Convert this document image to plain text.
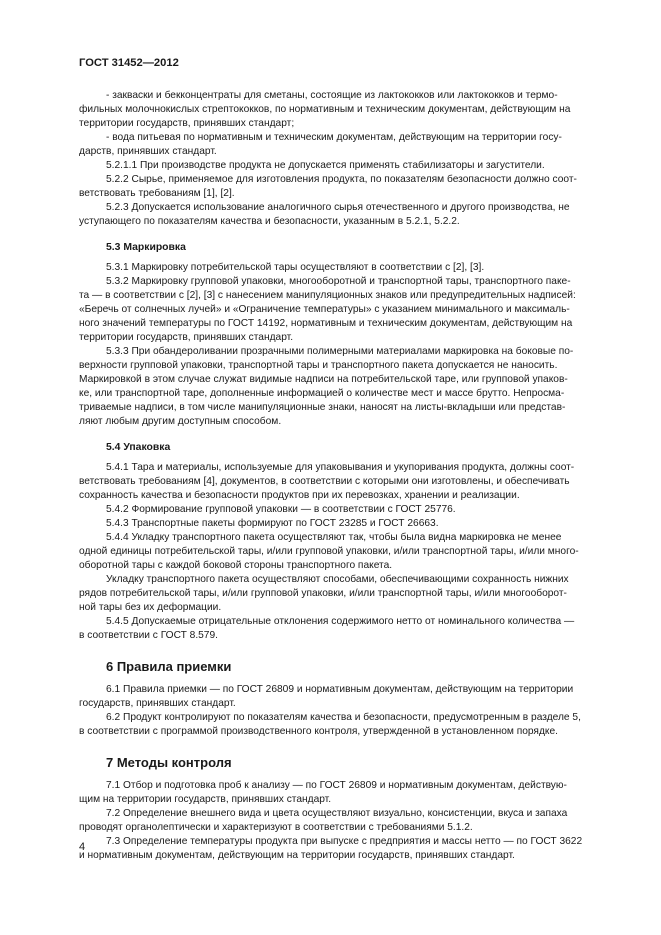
ГОСТ 31452—2012
- закваски и бекконцентраты для сметаны, состоящие из лактококков или лактококков и термо-
фильных молочнокислых стрептококков, по нормативным и техническим документам, действующим на
территории государств, принявших стандарт;
- вода питьевая по нормативным и техническим документам, действующим на территории госу-
дарств, принявших стандарт.
5.2.1.1 При производстве продукта не допускается применять стабилизаторы и загустители.
5.2.2 Сырье, применяемое для изготовления продукта, по показателям безопасности должно соот-
ветствовать требованиям [1], [2].
5.2.3 Допускается использование аналогичного сырья отечественного и другого производства, не
уступающего по показателям качества и безопасности, указанным в 5.2.1, 5.2.2.
5.3 Маркировка
5.3.1 Маркировку потребительской тары осуществляют в соответствии с [2], [3].
5.3.2 Маркировку групповой упаковки, многооборотной и транспортной тары, транспортного паке-
та — в соответствии с [2], [3] с нанесением манипуляционных знаков или предупредительных надписей:
«Беречь от солнечных лучей» и «Ограничение температуры» с указанием минимального и максималь-
ного значений температуры по ГОСТ 14192, нормативным и техническим документам, действующим на
территории государств, принявших стандарт.
5.3.3 При обандероливании прозрачными полимерными материалами маркировка на боковые по-
верхности групповой упаковки, транспортной тары и транспортного пакета допускается не наносить.
Маркировкой в этом случае служат видимые надписи на потребительской таре, или групповой упаков-
ке, или транспортной таре, дополненные информацией о количестве мест и массе брутто. Непросма-
триваемые надписи, в том числе манипуляционные знаки, наносят на листы-вкладыши или представ-
ляют любым другим доступным способом.
5.4 Упаковка
5.4.1 Тара и материалы, используемые для упаковывания и укупоривания продукта, должны соот-
ветствовать требованиям [4], документов, в соответствии с которыми они изготовлены, и обеспечивать
сохранность качества и безопасности продуктов при их перевозках, хранении и реализации.
5.4.2 Формирование групповой упаковки — в соответствии с ГОСТ 25776.
5.4.3 Транспортные пакеты формируют по ГОСТ 23285 и ГОСТ 26663.
5.4.4 Укладку транспортного пакета осуществляют так, чтобы была видна маркировка не менее
одной единицы потребительской тары, и/или групповой упаковки, и/или транспортной тары, и/или много-
оборотной тары с каждой боковой стороны транспортного пакета.
Укладку транспортного пакета осуществляют способами, обеспечивающими сохранность нижних
рядов потребительской тары, и/или групповой упаковки, и/или транспортной тары, и/или многооборот-
ной тары без их деформации.
5.4.5 Допускаемые отрицательные отклонения содержимого нетто от номинального количества —
в соответствии с ГОСТ 8.579.
6 Правила приемки
6.1 Правила приемки — по ГОСТ 26809 и нормативным документам, действующим на территории
государств, принявших стандарт.
6.2 Продукт контролируют по показателям качества и безопасности, предусмотренным в разделе 5,
в соответствии с программой производственного контроля, утвержденной в установленном порядке.
7 Методы контроля
7.1 Отбор и подготовка проб к анализу — по ГОСТ 26809 и нормативным документам, действую-
щим на территории государств, принявших стандарт.
7.2 Определение внешнего вида и цвета осуществляют визуально, консистенции, вкуса и запаха
проводят органолептически и характеризуют в соответствии с требованиями 5.1.2.
7.3 Определение температуры продукта при выпуске с предприятия и массы нетто — по ГОСТ 3622
и нормативным документам, действующим на территории государств, принявших стандарт.
4
